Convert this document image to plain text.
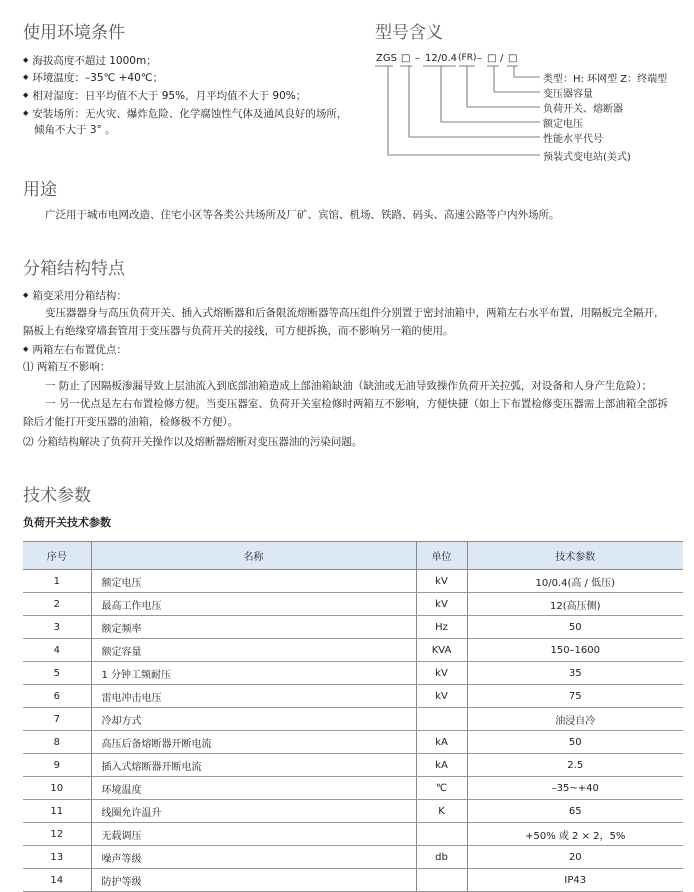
使用环境条件
◆ 海拔高度不超过 1000m；
◆ 环境温度：–35℃ +40℃；
◆ 相对湿度：日平均值不大于 95%，月平均值不大于 90%；
◆ 安装场所：无火灾、爆炸危险、化学腐蚀性气体及通风良好的场所，
倾角不大于 3° 。
型号含义
ZGS □ – 12/0.4 (FR) – □ / □
类型：H: 环网型 Z：终端型
变压器容量
负荷开关、熔断器
额定电压
性能水平代号
预装式变电站(美式)
用途
广泛用于城市电网改造、住宅小区等各类公共场所及厂矿、宾馆、机场、铁路、码头、高速公路等户内外场所。
分箱结构特点
◆ 箱变采用分箱结构：
变压器器身与高压负荷开关、插入式熔断器和后备限流熔断器等高压组件分别置于密封油箱中，两箱左右水平布置，用隔板完全隔开，
隔板上有绝缘穿墙套管用于变压器与负荷开关的接线，可方便拆换，而不影响另一箱的使用。
◆ 两箱左右布置优点：
⑴ 两箱互不影响：
一 防止了因隔板渗漏导致上层油流入到底部油箱造成上部油箱缺油（缺油或无油导致操作负荷开关拉弧，对设备和人身产生危险）；
一 另一优点是左右布置检修方便。当变压器室、负荷开关室检修时两箱互不影响，方便快捷（如上下布置检修变压器需上部油箱全部拆
除后才能打开变压器的油箱，检修极不方便）。
⑵ 分箱结构解决了负荷开关操作以及熔断器熔断对变压器油的污染问题。
技术参数
负荷开关技术参数
序号	名称	单位	技术参数
1	额定电压	kV	10/0.4(高 / 低压)
2	最高工作电压	kV	12(高压侧)
3	额定频率	Hz	50
4	额定容量	KVA	150–1600
5	1 分钟工频耐压	kV	35
6	雷电冲击电压	kV	75
7	冷却方式		油浸自冷
8	高压后备熔断器开断电流	kA	50
9	插入式熔断器开断电流	kA	2.5
10	环境温度	℃	–35~+40
11	线圈允许温升	K	65
12	无载调压		+50% 或 2 × 2，5%
13	噪声等级	db	20
14	防护等级		IP43
